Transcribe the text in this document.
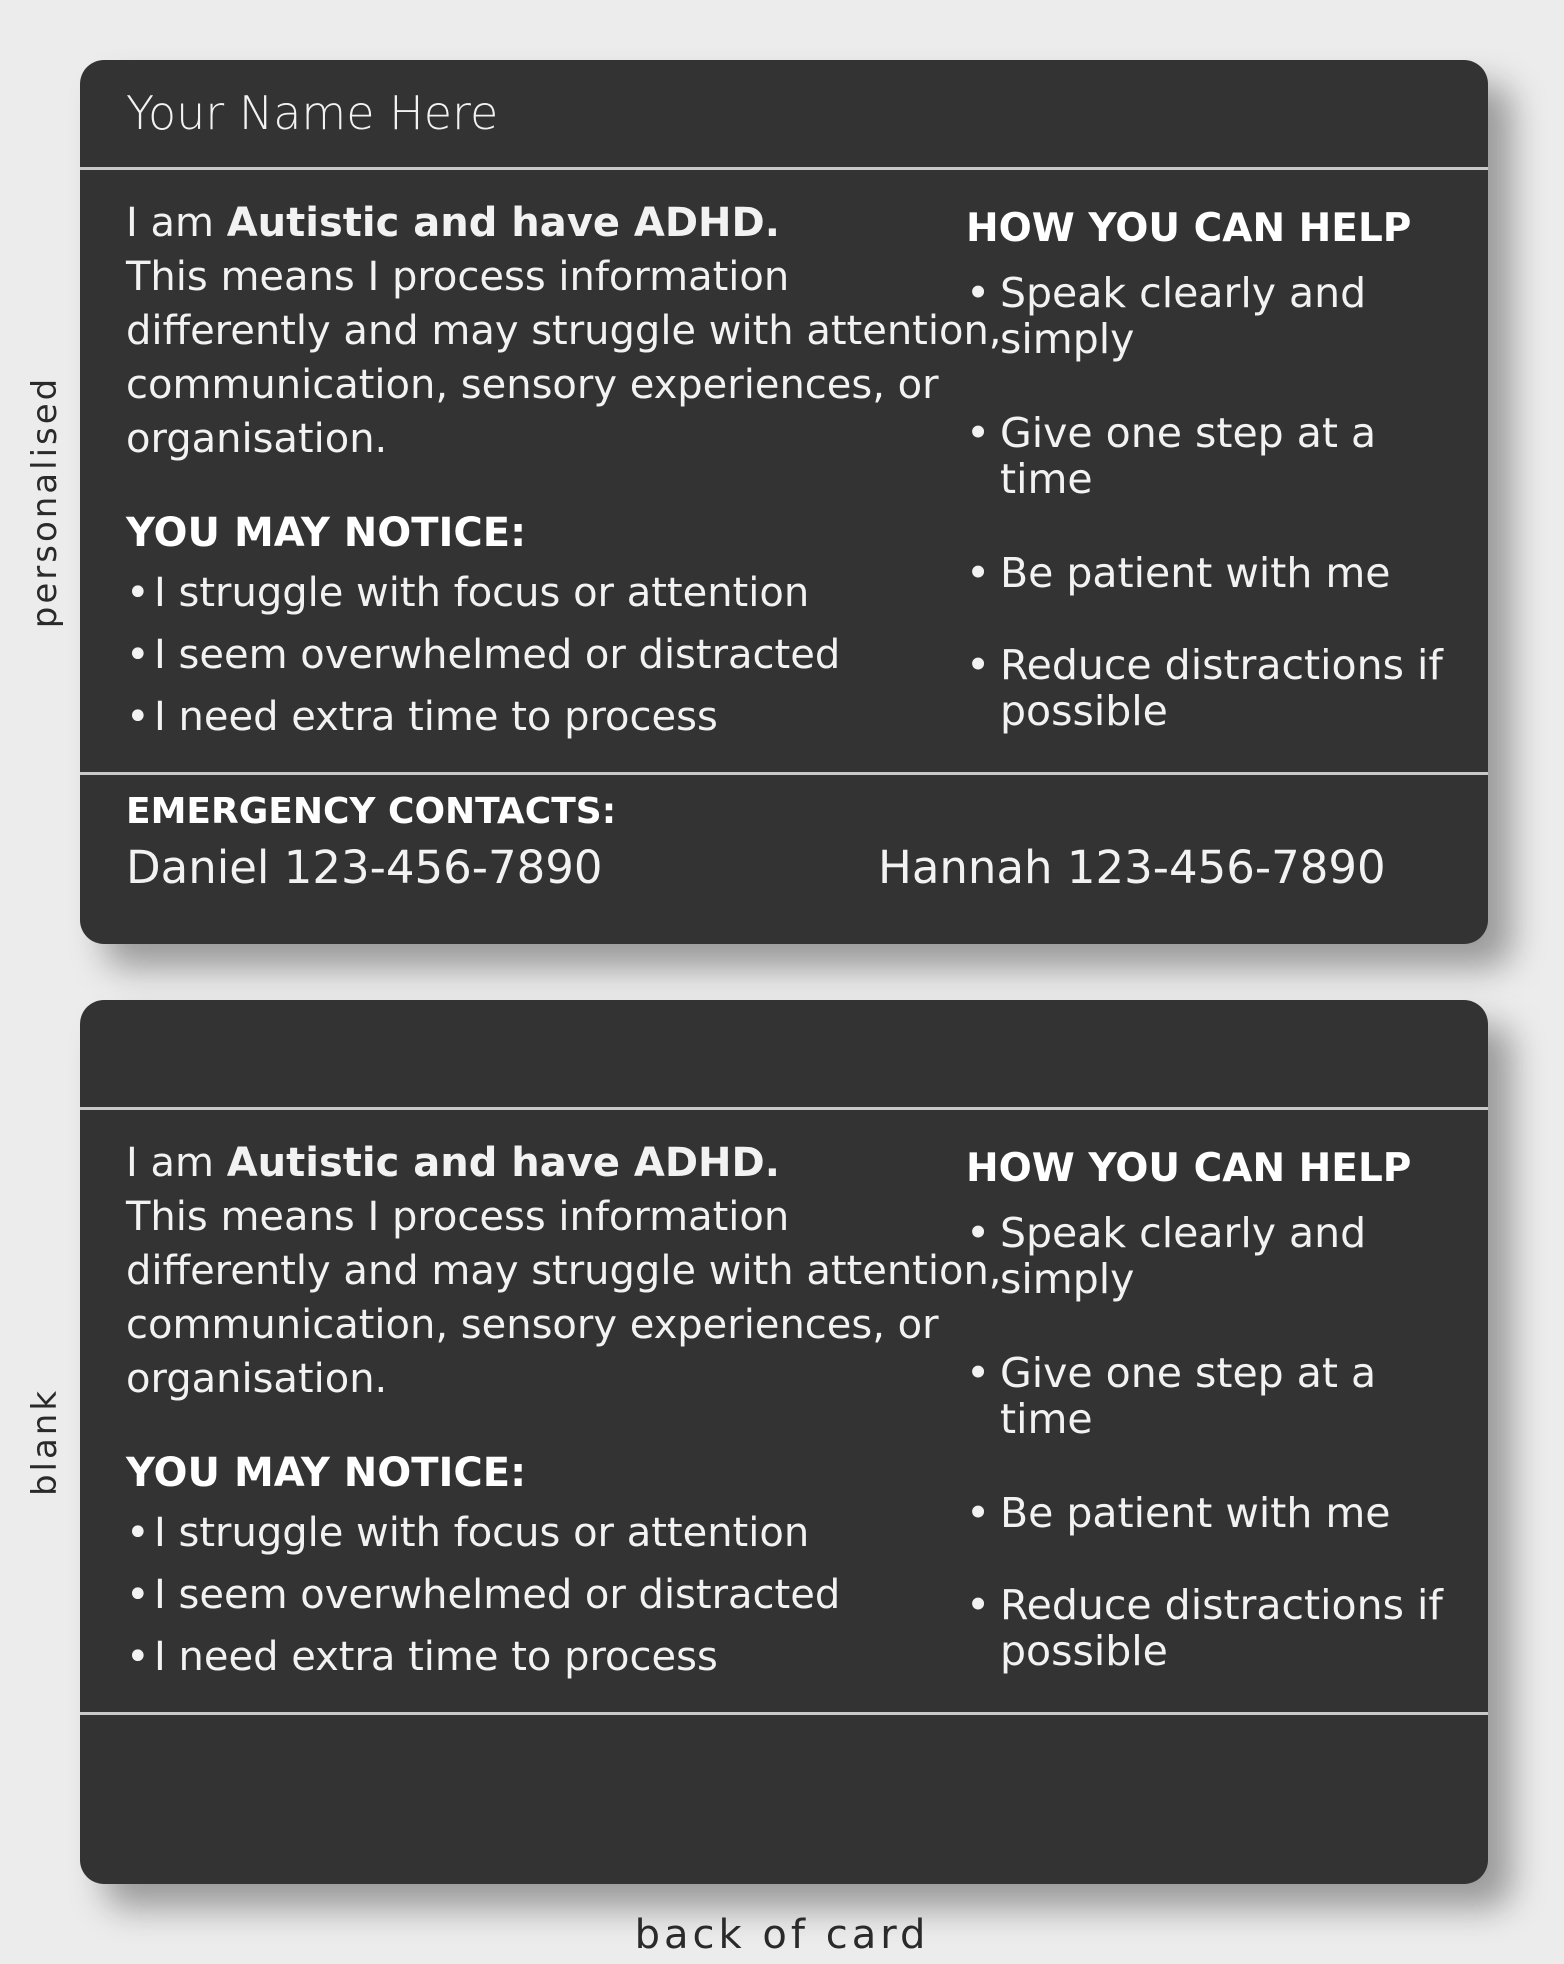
personalised
Your Name Here

I am Autistic and have ADHD.
This means I process information differently and may struggle with attention, communication, sensory experiences, or organisation.

YOU MAY NOTICE:
• I struggle with focus or attention
• I seem overwhelmed or distracted
• I need extra time to process
HOW YOU CAN HELP
• Speak clearly and simply
• Give one step at a time
• Be patient with me
• Reduce distractions if possible
EMERGENCY CONTACTS:
Daniel 123-456-7890	Hannah 123-456-7890
blank

I am Autistic and have ADHD.
This means I process information differently and may struggle with attention, communication, sensory experiences, or organisation.

YOU MAY NOTICE:
• I struggle with focus or attention
• I seem overwhelmed or distracted
• I need extra time to process
HOW YOU CAN HELP
• Speak clearly and simply
• Give one step at a time
• Be patient with me
• Reduce distractions if possible
back of card
